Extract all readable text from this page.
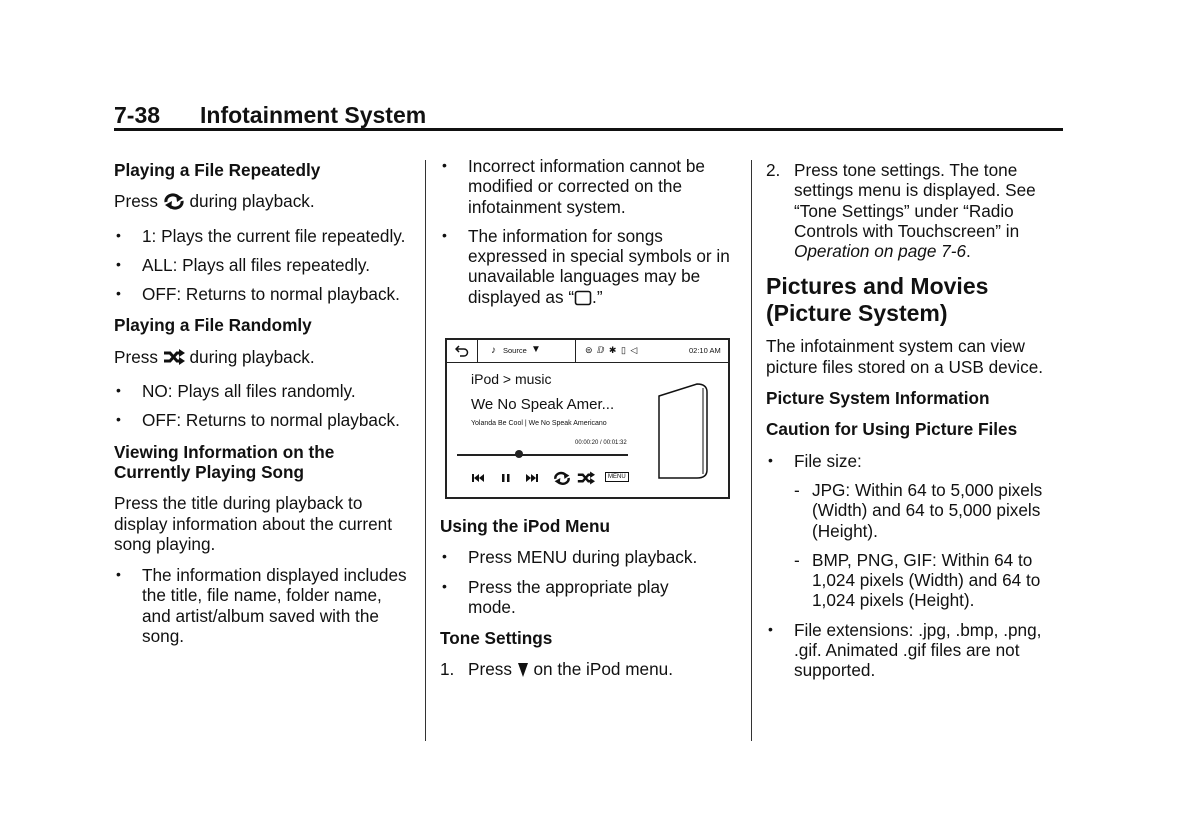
7-38 Infotainment System
Playing a File Repeatedly
Press  during playback.
• 1: Plays the current file repeatedly.
• ALL: Plays all files repeatedly.
• OFF: Returns to normal playback.
Playing a File Randomly
Press  during playback.
• NO: Plays all files randomly.
• OFF: Returns to normal playback.
Viewing Information on the Currently Playing Song
Press the title during playback to display information about the current song playing.
• The information displayed includes the title, file name, folder name, and artist/album saved with the song.
• Incorrect information cannot be modified or corrected on the infotainment system.
• The information for songs expressed in special symbols or in unavailable languages may be
displayed as “ .”
♪ Source ▼	⊜ ⅅ ✱ ▯ ◁	02:10 AM
iPod > music
We No Speak Amer...
Yolanda Be Cool | We No Speak Americano
00:00:20 / 00:01:32
MENU
Using the iPod Menu
• Press MENU during playback.
• Press the appropriate play mode.
Tone Settings
1. Press  on the iPod menu.
2. Press tone settings. The tone settings menu is displayed. See “Tone Settings” under “Radio Controls with Touchscreen” in Operation on page 7-6.
Pictures and Movies (Picture System)
The infotainment system can view picture files stored on a USB device.
Picture System Information
Caution for Using Picture Files
• File size:
- JPG: Within 64 to 5,000 pixels (Width) and 64 to 5,000 pixels (Height).
- BMP, PNG, GIF: Within 64 to 1,024 pixels (Width) and 64 to 1,024 pixels (Height).
• File extensions: .jpg, .bmp, .png, .gif. Animated .gif files are not supported.
